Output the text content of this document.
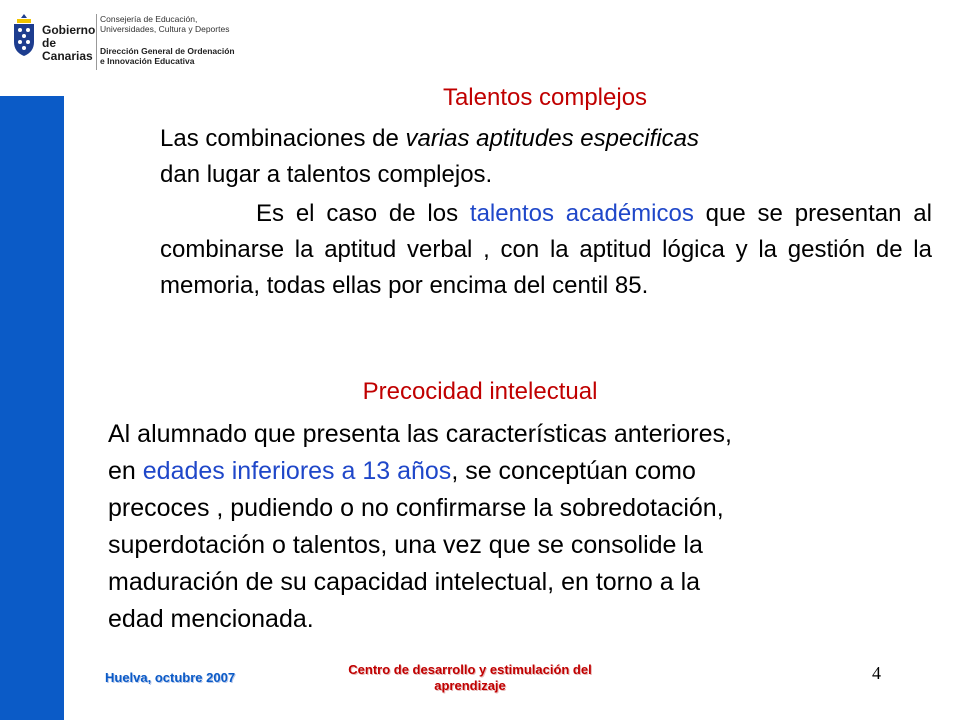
Gobierno
de Canarias
Consejería de Educación,
Universidades, Cultura y Deportes
Dirección General de Ordenación
e Innovación Educativa
Talentos complejos
Las combinaciones de varias aptitudes especificas
dan lugar a talentos complejos.
Es el caso de los talentos académicos que se presentan al combinarse la aptitud verbal , con la aptitud lógica y la gestión de la memoria, todas ellas por encima del centil 85.
Precocidad intelectual
Al alumnado que presenta las características anteriores,
en edades inferiores a 13 años, se conceptúan como
precoces , pudiendo o no confirmarse la sobredotación,
superdotación o talentos, una vez que se consolide la
maduración de su capacidad intelectual, en torno a la
edad mencionada.
Huelva, octubre 2007
Centro de desarrollo y estimulación del
aprendizaje
4
